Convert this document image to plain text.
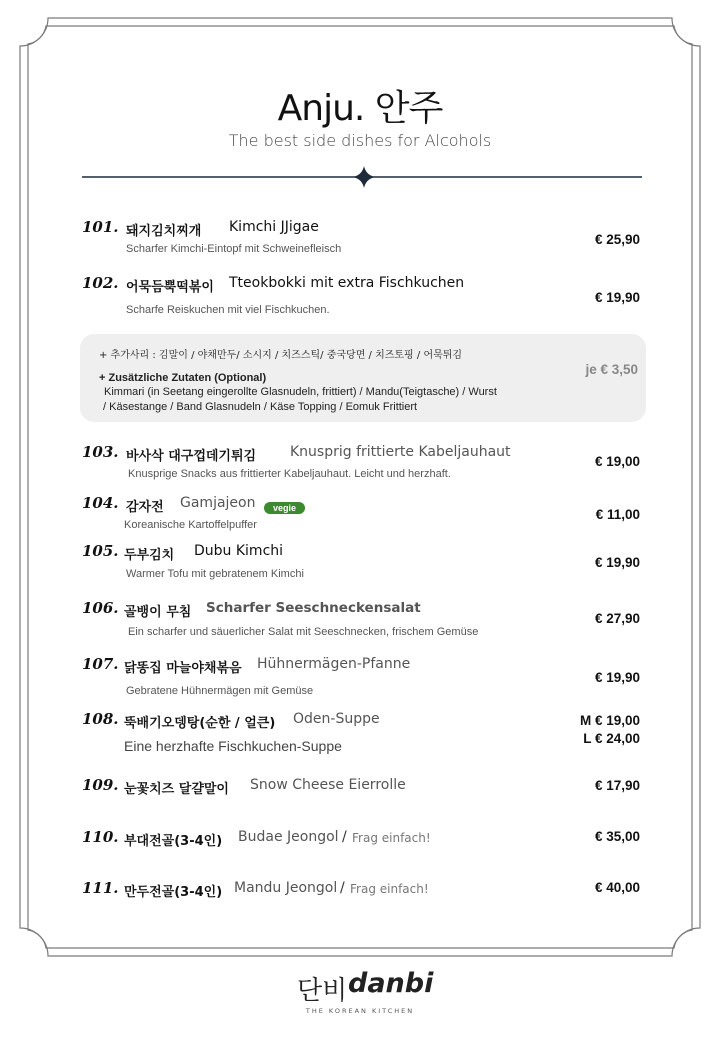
Anju. 안주
The best side dishes for Alcohols
101. 돼지김치찌개 Kimchi JJigae
Scharfer Kimchi-Eintopf mit Schweinefleisch
€ 25,90
102. 어묵듬뿍떡볶이 Tteokbokki mit extra Fischkuchen
Scharfe Reiskuchen mit viel Fischkuchen.
€ 19,90
+ 추가사리 : 김말이 / 야채만두/ 소시지 / 치즈스틱/ 중국당면 / 치즈토핑 / 어묵튀김
+ Zusätzliche Zutaten (Optional)
Kimmari (in Seetang eingerollte Glasnudeln, frittiert) / Mandu(Teigtasche) / Wurst
/ Käsestange / Band Glasnudeln / Käse Topping / Eomuk Frittiert
je € 3,50
103. 바사삭 대구껍데기튀김 Knusprig frittierte Kabeljauhaut
Knusprige Snacks aus frittierter Kabeljauhaut. Leicht und herzhaft.
€ 19,00
104. 감자전 Gamjajeon	vegie
Koreanische Kartoffelpuffer
€ 11,00
105. 두부김치 Dubu Kimchi
Warmer Tofu mit gebratenem Kimchi
€ 19,90
106. 골뱅이 무침 Scharfer Seeschneckensalat
Ein scharfer und säuerlicher Salat mit Seeschnecken, frischem Gemüse
€ 27,90
107. 닭똥집 마늘야채볶음 Hühnermägen-Pfanne
Gebratene Hühnermägen mit Gemüse
€ 19,90
108. 뚝배기오뎅탕(순한 / 얼큰) Oden-Suppe
Eine herzhafte Fischkuchen-Suppe
M € 19,00
L € 24,00
109. 눈꽃치즈 달걀말이 Snow Cheese Eierrolle	€ 17,90
110. 부대전골(3-4인) Budae Jeongol / Frag einfach!	€ 35,00
111. 만두전골(3-4인) Mandu Jeongol / Frag einfach!	€ 40,00
단비 danbi
THE KOREAN KITCHEN
